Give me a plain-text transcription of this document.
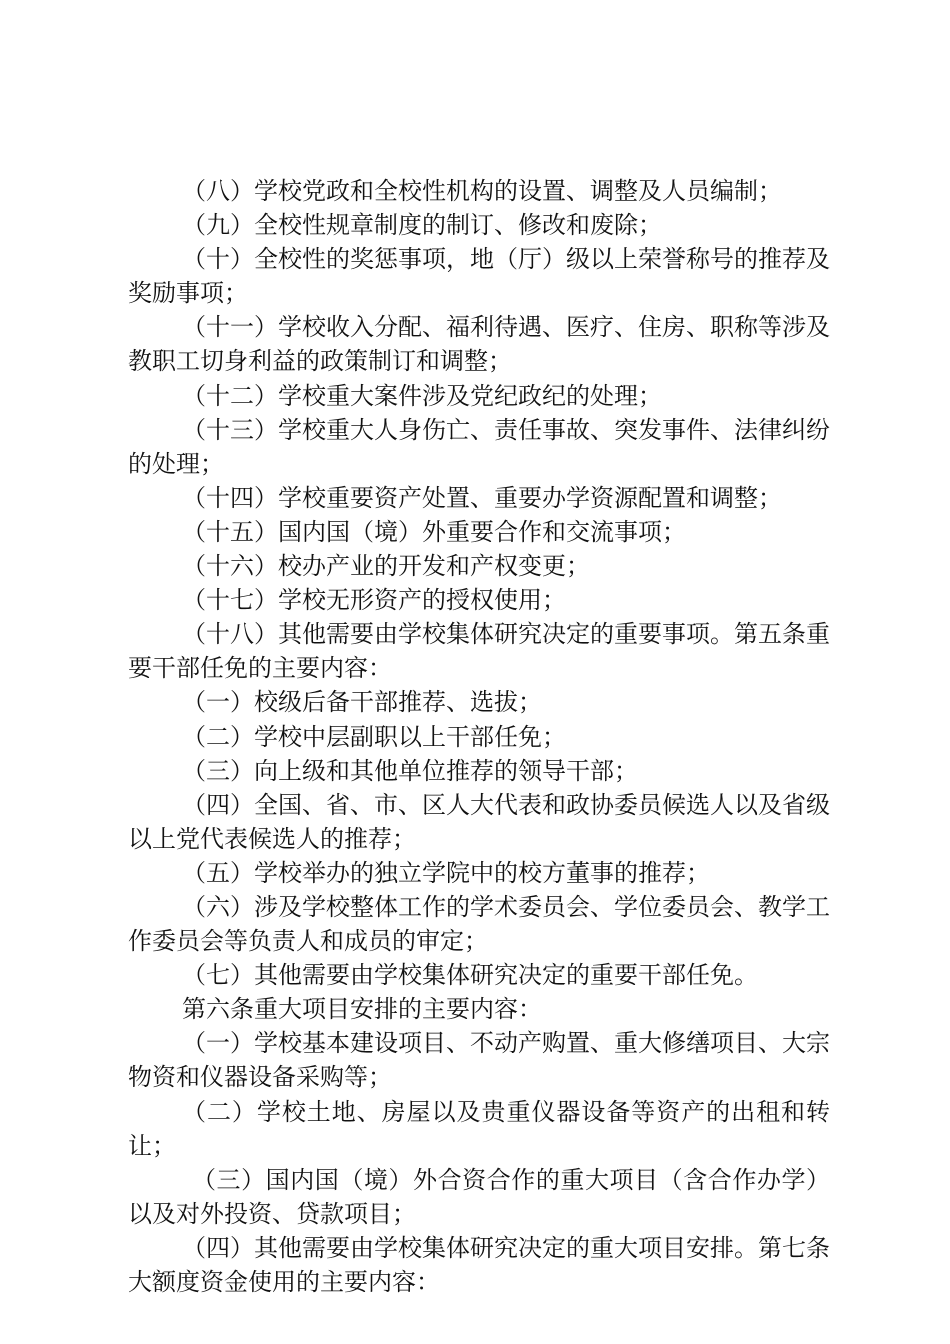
（八）学校党政和全校性机构的设置、调整及人员编制；

（九）全校性规章制度的制订、修改和废除；

（十）全校性的奖惩事项，地（厅）级以上荣誉称号的推荐及奖励事项；

（十一）学校收入分配、福利待遇、医疗、住房、职称等涉及教职工切身利益的政策制订和调整；

（十二）学校重大案件涉及党纪政纪的处理；

（十三）学校重大人身伤亡、责任事故、突发事件、法律纠纷的处理；

（十四）学校重要资产处置、重要办学资源配置和调整；

（十五）国内国（境）外重要合作和交流事项；

（十六）校办产业的开发和产权变更；

（十七）学校无形资产的授权使用；

（十八）其他需要由学校集体研究决定的重要事项。第五条重要干部任免的主要内容：

（一）校级后备干部推荐、选拔；

（二）学校中层副职以上干部任免；

（三）向上级和其他单位推荐的领导干部；

（四）全国、省、市、区人大代表和政协委员候选人以及省级以上党代表候选人的推荐；

（五）学校举办的独立学院中的校方董事的推荐；

（六）涉及学校整体工作的学术委员会、学位委员会、教学工作委员会等负责人和成员的审定；

（七）其他需要由学校集体研究决定的重要干部任免。

第六条重大项目安排的主要内容：

（一）学校基本建设项目、不动产购置、重大修缮项目、大宗物资和仪器设备采购等；

（二）学校土地、房屋以及贵重仪器设备等资产的出租和转让；

（三）国内国（境）外合资合作的重大项目（含合作办学）以及对外投资、贷款项目；

（四）其他需要由学校集体研究决定的重大项目安排。第七条大额度资金使用的主要内容：
